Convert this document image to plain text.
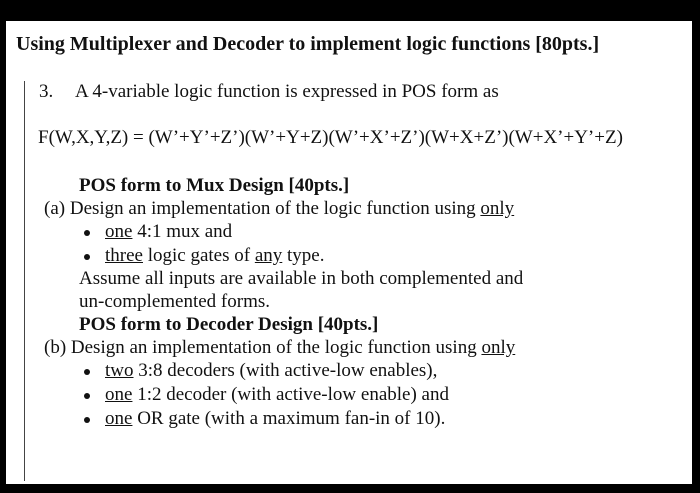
Using Multiplexer and Decoder to implement logic functions [80pts.]
3. A 4-variable logic function is expressed in POS form as
F(W,X,Y,Z) = (W’+Y’+Z’)(W’+Y+Z)(W’+X’+Z’)(W+X+Z’)(W+X’+Y’+Z)
POS form to Mux Design [40pts.]
(a) Design an implementation of the logic function using only
one 4:1 mux and
three logic gates of any type.
Assume all inputs are available in both complemented and
un-complemented forms.
POS form to Decoder Design [40pts.]
(b) Design an implementation of the logic function using only
two 3:8 decoders (with active-low enables),
one 1:2 decoder (with active-low enable) and
one OR gate (with a maximum fan-in of 10).
